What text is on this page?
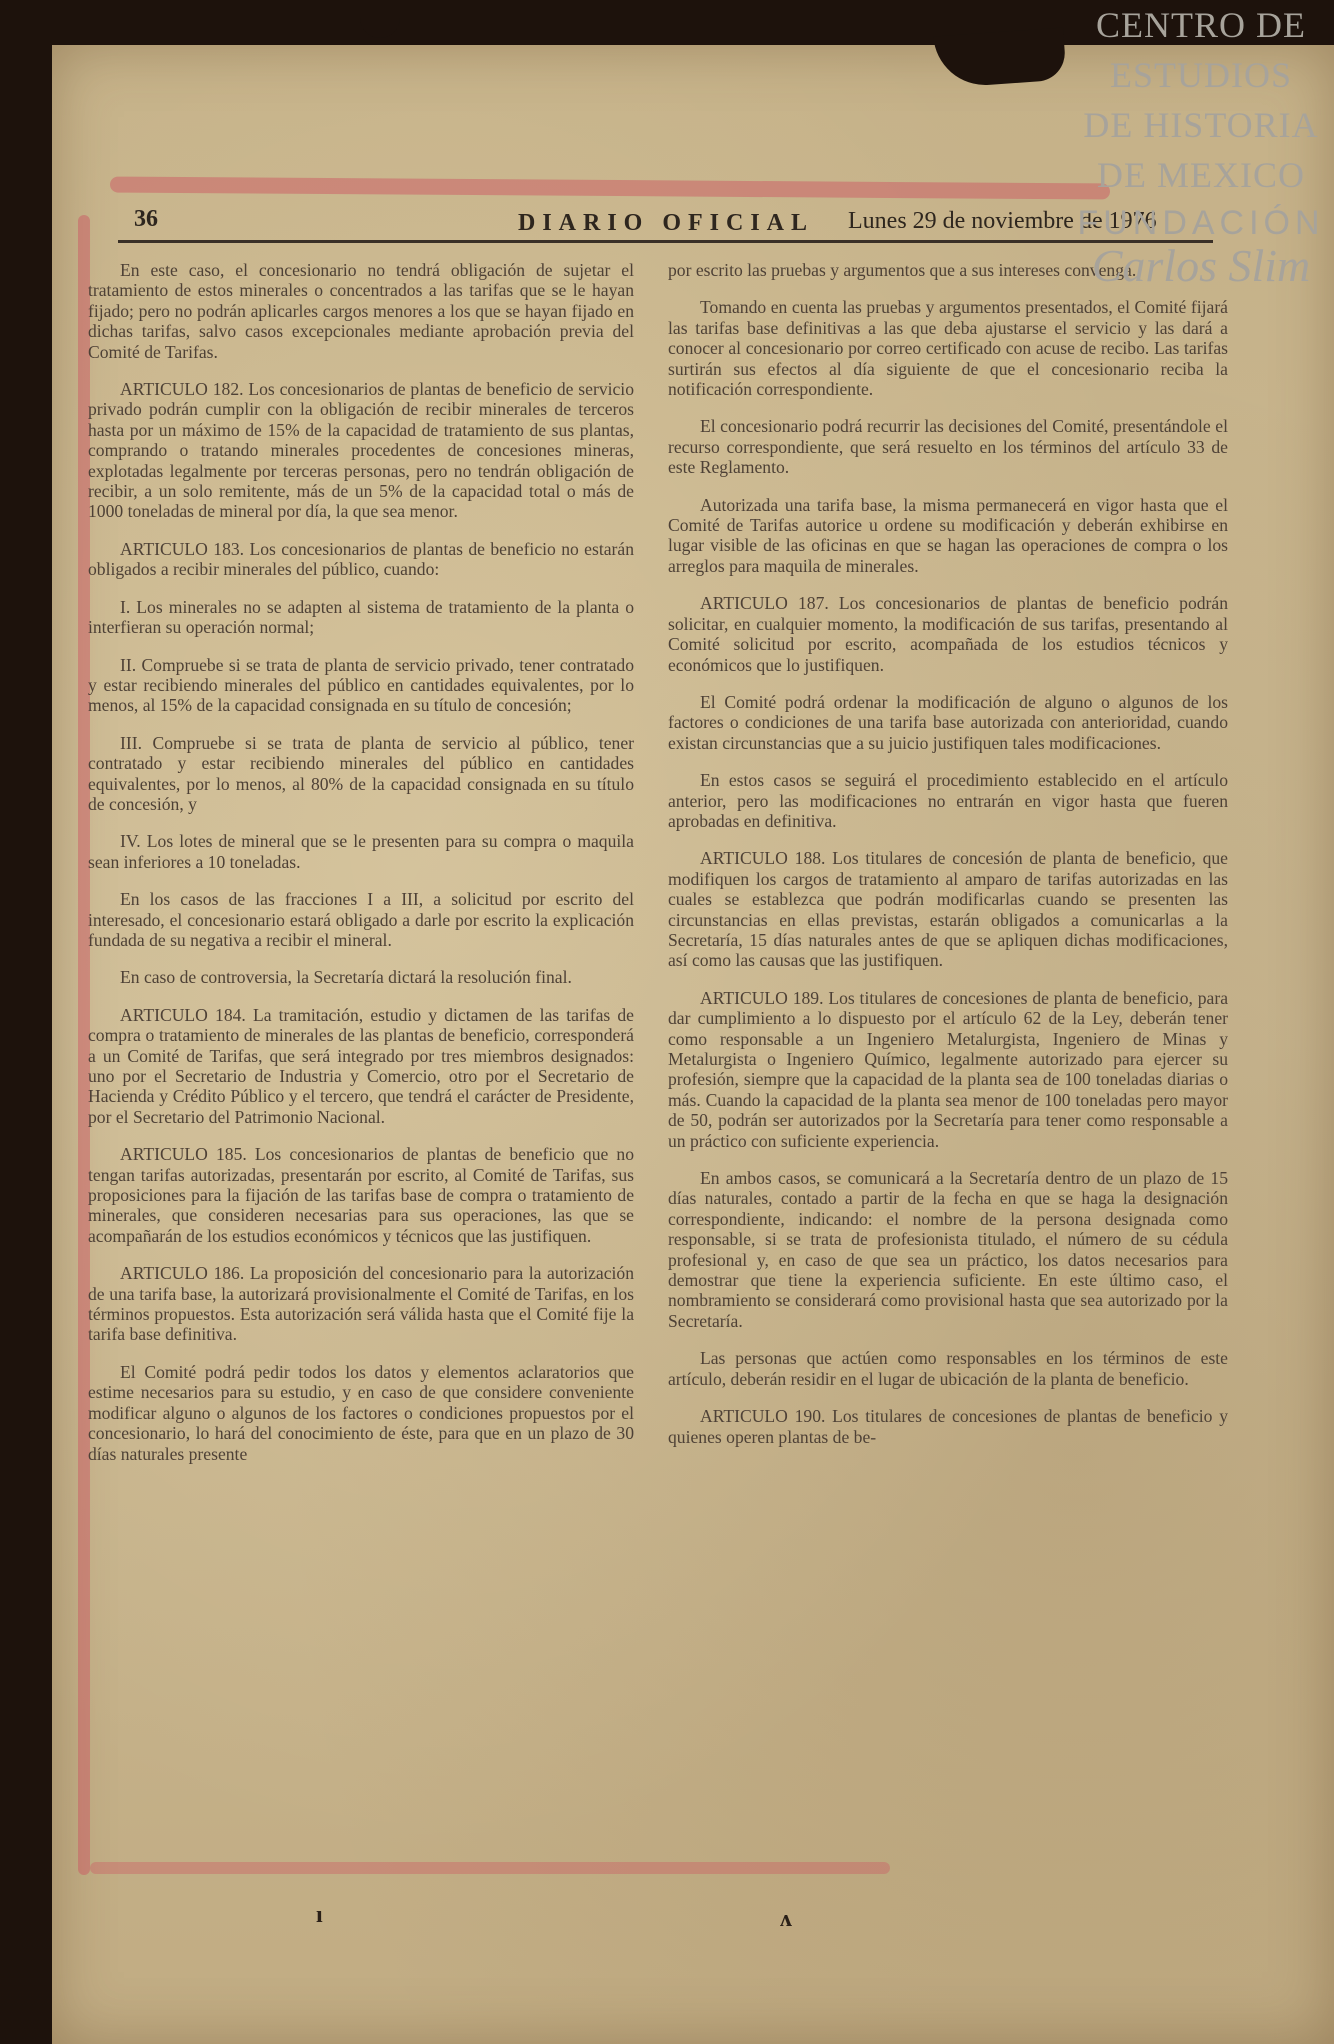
36	DIARIO OFICIAL Lunes 29 de noviembre de 1976

En este caso, el concesionario no tendrá obligación de sujetar el tratamiento de estos minerales o concentrados a las tarifas que se le hayan fijado; pero no podrán aplicarles cargos menores a los que se hayan fijado en dichas tarifas, salvo casos excepcionales mediante aprobación previa del Comité de Tarifas.

ARTICULO 182. Los concesionarios de plantas de beneficio de servicio privado podrán cumplir con la obligación de recibir minerales de terceros hasta por un máximo de 15% de la capacidad de tratamiento de sus plantas, comprando o tratando minerales procedentes de concesiones mineras, explotadas legalmente por terceras personas, pero no tendrán obligación de recibir, a un solo remitente, más de un 5% de la capacidad total o más de 1000 toneladas de mineral por día, la que sea menor.

ARTICULO 183. Los concesionarios de plantas de beneficio no estarán obligados a recibir minerales del público, cuando:

I. Los minerales no se adapten al sistema de tratamiento de la planta o interfieran su operación normal;

II. Compruebe si se trata de planta de servicio privado, tener contratado y estar recibiendo minerales del público en cantidades equivalentes, por lo menos, al 15% de la capacidad consignada en su título de concesión;

III. Compruebe si se trata de planta de servicio al público, tener contratado y estar recibiendo minerales del público en cantidades equivalentes, por lo menos, al 80% de la capacidad consignada en su título de concesión, y

IV. Los lotes de mineral que se le presenten para su compra o maquila sean inferiores a 10 toneladas.

En los casos de las fracciones I a III, a solicitud por escrito del interesado, el concesionario estará obligado a darle por escrito la explicación fundada de su negativa a recibir el mineral.

En caso de controversia, la Secretaría dictará la resolución final.

ARTICULO 184. La tramitación, estudio y dictamen de las tarifas de compra o tratamiento de minerales de las plantas de beneficio, corresponderá a un Comité de Tarifas, que será integrado por tres miembros designados: uno por el Secretario de Industria y Comercio, otro por el Secretario de Hacienda y Crédito Público y el tercero, que tendrá el carácter de Presidente, por el Secretario del Patrimonio Nacional.

ARTICULO 185. Los concesionarios de plantas de beneficio que no tengan tarifas autorizadas, presentarán por escrito, al Comité de Tarifas, sus proposiciones para la fijación de las tarifas base de compra o tratamiento de minerales, que consideren necesarias para sus operaciones, las que se acompañarán de los estudios económicos y técnicos que las justifiquen.

ARTICULO 186. La proposición del concesionario para la autorización de una tarifa base, la autorizará provisionalmente el Comité de Tarifas, en los términos propuestos. Esta autorización será válida hasta que el Comité fije la tarifa base definitiva.

El Comité podrá pedir todos los datos y elementos aclaratorios que estime necesarios para su estudio, y en caso de que considere conveniente modificar alguno o algunos de los factores o condiciones propuestos por el concesionario, lo hará del conocimiento de éste, para que en un plazo de 30 días naturales presente

por escrito las pruebas y argumentos que a sus intereses convenga.

Tomando en cuenta las pruebas y argumentos presentados, el Comité fijará las tarifas base definitivas a las que deba ajustarse el servicio y las dará a conocer al concesionario por correo certificado con acuse de recibo. Las tarifas surtirán sus efectos al día siguiente de que el concesionario reciba la notificación correspondiente.

El concesionario podrá recurrir las decisiones del Comité, presentándole el recurso correspondiente, que será resuelto en los términos del artículo 33 de este Reglamento.

Autorizada una tarifa base, la misma permanecerá en vigor hasta que el Comité de Tarifas autorice u ordene su modificación y deberán exhibirse en lugar visible de las oficinas en que se hagan las operaciones de compra o los arreglos para maquila de minerales.

ARTICULO 187. Los concesionarios de plantas de beneficio podrán solicitar, en cualquier momento, la modificación de sus tarifas, presentando al Comité solicitud por escrito, acompañada de los estudios técnicos y económicos que lo justifiquen.

El Comité podrá ordenar la modificación de alguno o algunos de los factores o condiciones de una tarifa base autorizada con anterioridad, cuando existan circunstancias que a su juicio justifiquen tales modificaciones.

En estos casos se seguirá el procedimiento establecido en el artículo anterior, pero las modificaciones no entrarán en vigor hasta que fueren aprobadas en definitiva.

ARTICULO 188. Los titulares de concesión de planta de beneficio, que modifiquen los cargos de tratamiento al amparo de tarifas autorizadas en las cuales se establezca que podrán modificarlas cuando se presenten las circunstancias en ellas previstas, estarán obligados a comunicarlas a la Secretaría, 15 días naturales antes de que se apliquen dichas modificaciones, así como las causas que las justifiquen.

ARTICULO 189. Los titulares de concesiones de planta de beneficio, para dar cumplimiento a lo dispuesto por el artículo 62 de la Ley, deberán tener como responsable a un Ingeniero Metalurgista, Ingeniero de Minas y Metalurgista o Ingeniero Químico, legalmente autorizado para ejercer su profesión, siempre que la capacidad de la planta sea de 100 toneladas diarias o más. Cuando la capacidad de la planta sea menor de 100 toneladas pero mayor de 50, podrán ser autorizados por la Secretaría para tener como responsable a un práctico con suficiente experiencia.

En ambos casos, se comunicará a la Secretaría dentro de un plazo de 15 días naturales, contado a partir de la fecha en que se haga la designación correspondiente, indicando: el nombre de la persona designada como responsable, si se trata de profesionista titulado, el número de su cédula profesional y, en caso de que sea un práctico, los datos necesarios para demostrar que tiene la experiencia suficiente. En este último caso, el nombramiento se considerará como provisional hasta que sea autorizado por la Secretaría.

Las personas que actúen como responsables en los términos de este artículo, deberán residir en el lugar de ubicación de la planta de beneficio.

ARTICULO 190. Los titulares de concesiones de plantas de beneficio y quienes operen plantas de be-

CENTRO DE
ESTUDIOS
DE HISTORIA
DE MEXICO
FUNDACIÓN
Carlos Slim
ı	ʌ
